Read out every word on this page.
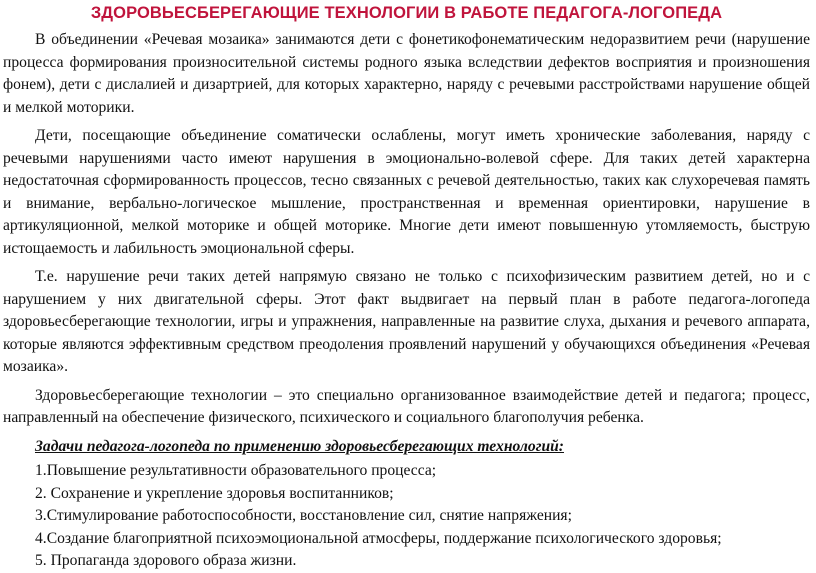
ЗДОРОВЬЕСБЕРЕГАЮЩИЕ ТЕХНОЛОГИИ В РАБОТЕ ПЕДАГОГА-ЛОГОПЕДА

В объединении «Речевая мозаика» занимаются дети с фонетикофонематическим недоразвитием речи (нарушение процесса формирования произносительной системы родного языка вследствии дефектов восприятия и произношения фонем), дети с дислалией и дизартрией, для которых характерно, наряду с речевыми расстройствами нарушение общей и мелкой моторики.

Дети, посещающие объединение соматически ослаблены, могут иметь хронические заболевания, наряду с речевыми нарушениями часто имеют нарушения в эмоционально-волевой сфере. Для таких детей характерна недостаточная сформированность процессов, тесно связанных с речевой деятельностью, таких как слухоречевая память и внимание, вербально-логическое мышление, пространственная и временная ориентировки, нарушение в артикуляционной, мелкой моторике и общей моторике. Многие дети имеют повышенную утомляемость, быструю истощаемость и лабильность эмоциональной сферы.

Т.е. нарушение речи таких детей напрямую связано не только с психофизическим развитием детей, но и с нарушением у них двигательной сферы. Этот факт выдвигает на первый план в работе педагога-логопеда здоровьесберегающие технологии, игры и упражнения, направленные на развитие слуха, дыхания и речевого аппарата, которые являются эффективным средством преодоления проявлений нарушений у обучающихся объединения «Речевая мозаика».

Здоровьесберегающие технологии – это специально организованное взаимодействие детей и педагога; процесс, направленный на обеспечение физического, психического и социального благополучия ребенка.

Задачи педагога-логопеда по применению здоровьесберегающих технологий:
1.Повышение результативности образовательного процесса;
2. Сохранение и укрепление здоровья воспитанников;
3.Стимулирование работоспособности, восстановление сил, снятие напряжения;
4.Создание благоприятной психоэмоциональной атмосферы, поддержание психологического здоровья;
5. Пропаганда здорового образа жизни.
